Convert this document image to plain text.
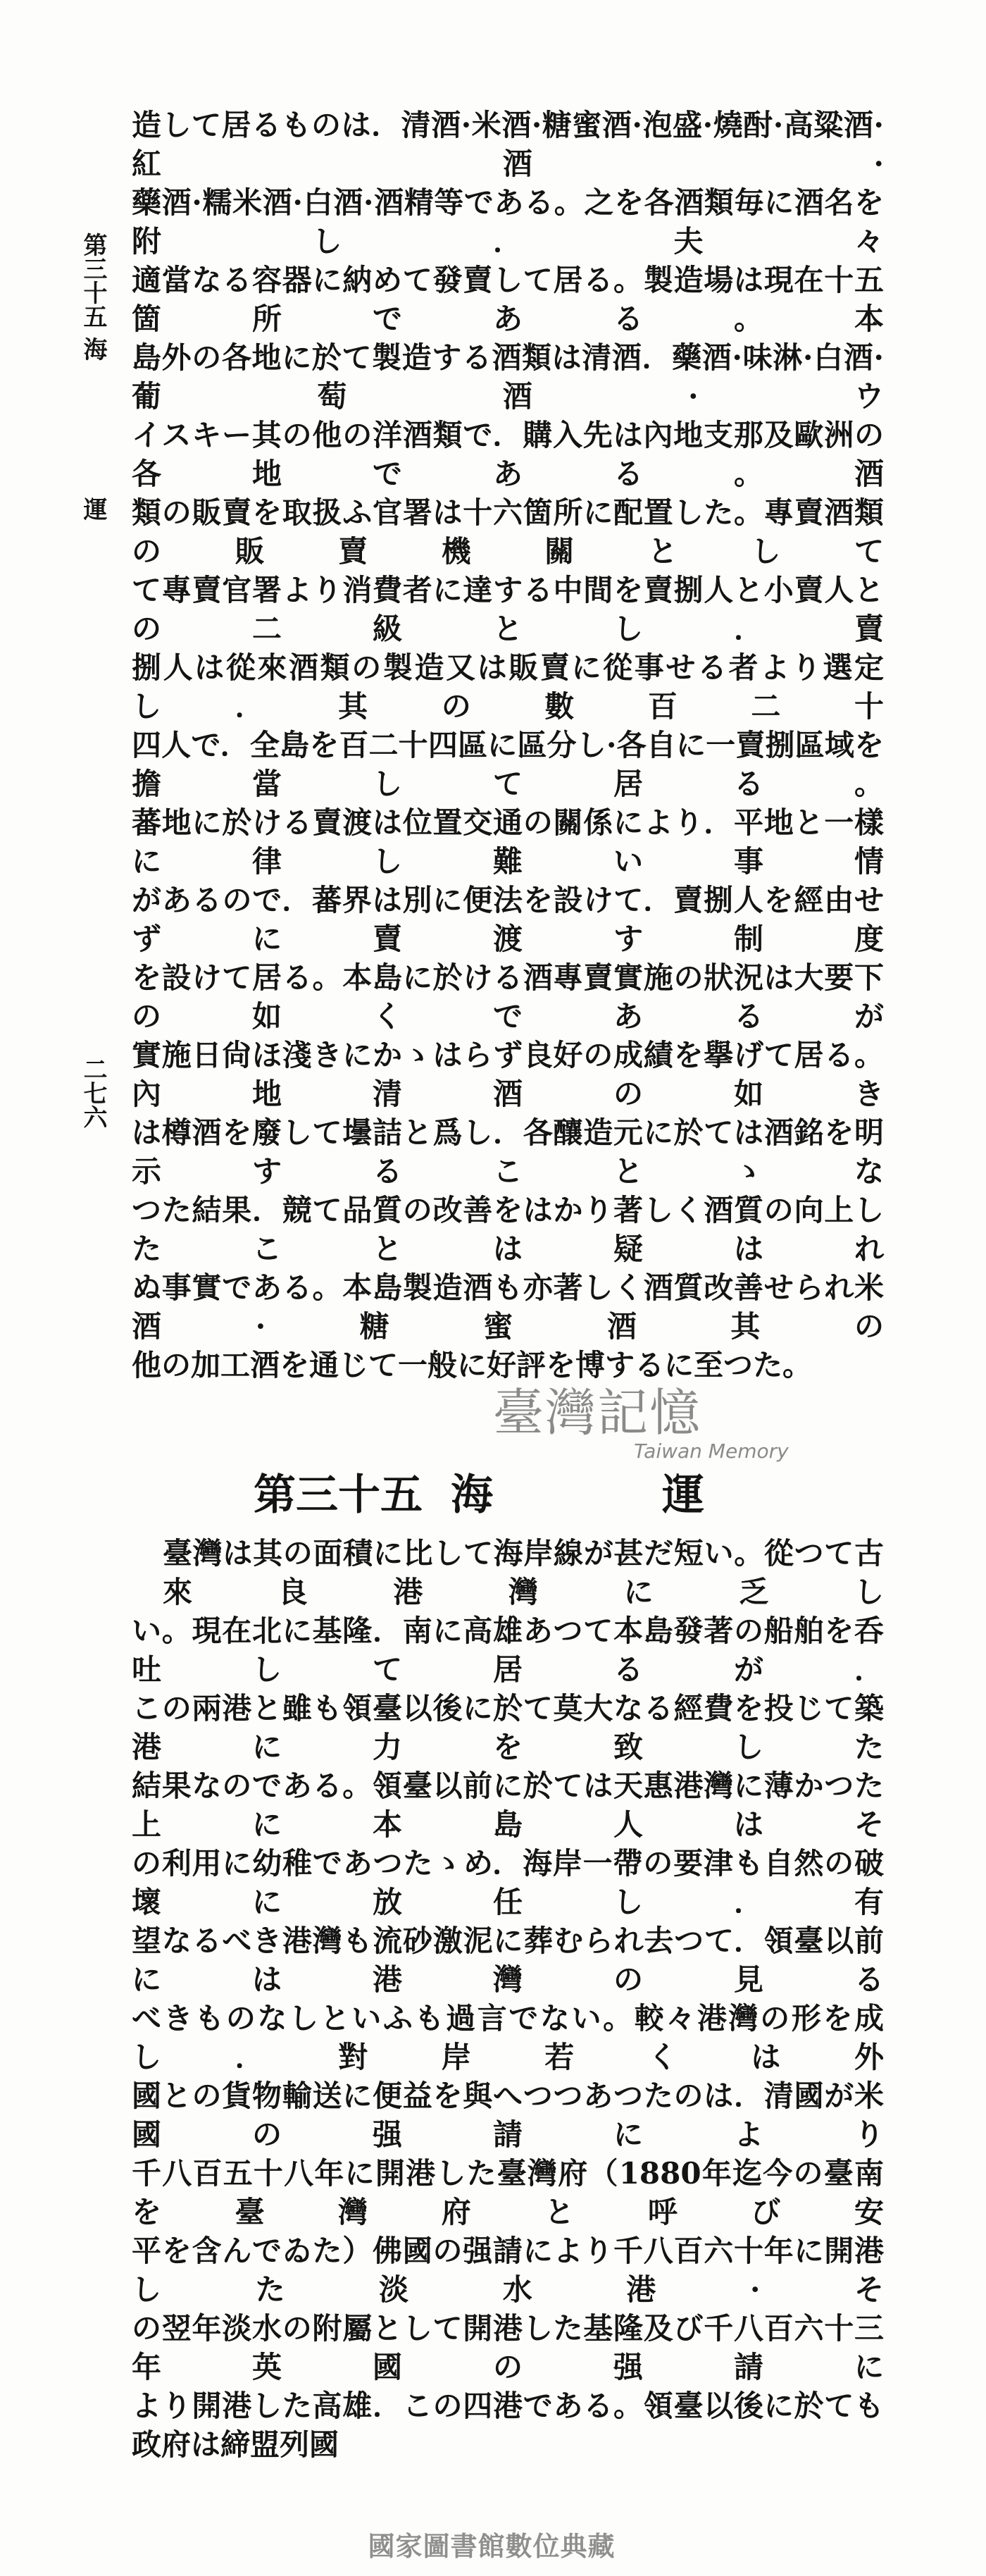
第三十五 海
運
二七六
造して居るものは．清酒·米酒·糖蜜酒·泡盛·燒酎·高粱酒·紅酒·
藥酒·糯米酒·白酒·酒精等である。之を各酒類毎に酒名を附し．夫々
適當なる容器に納めて發賣して居る。製造場は現在十五箇所である。本
島外の各地に於て製造する酒類は清酒．藥酒·味淋·白酒·葡萄酒·ウ
イスキー其の他の洋酒類で．購入先は內地支那及歐洲の各地である。酒
類の販賣を取扱ふ官署は十六箇所に配置した。專賣酒類の販賣機關として
て專賣官署より消費者に達する中間を賣捌人と小賣人との二級とし．賣
捌人は從來酒類の製造又は販賣に從事せる者より選定し．其の數百二十
四人で．全島を百二十四區に區分し·各自に一賣捌區域を擔當して居る。
蕃地に於ける賣渡は位置交通の關係により．平地と一樣に律し難い事情
があるので．蕃界は別に便法を設けて．賣捌人を經由せずに賣渡す制度
を設けて居る。本島に於ける酒專賣實施の狀況は大要下の如くであるが
實施日尙ほ淺きにかゝはらず良好の成績を擧げて居る。內地清酒の如き
は樽酒を廢して壜詰と爲し．各釀造元に於ては酒銘を明示することゝな
つた結果．競て品質の改善をはかり著しく酒質の向上したことは疑はれ
ぬ事實である。本島製造酒も亦著しく酒質改善せられ米酒·糖蜜酒其の
他の加工酒を通じて一般に好評を博するに至つた。
臺灣記憶
Taiwan Memory
第三十五 海	運
臺灣は其の面積に比して海岸線が甚だ短い。從つて古來良港灣に乏し
い。現在北に基隆．南に高雄あつて本島發著の船舶を呑吐して居るが．
この兩港と雖も領臺以後に於て莫大なる經費を投じて築港に力を致した
結果なのである。領臺以前に於ては天惠港灣に薄かつた上に本島人はそ
の利用に幼稚であつたゝめ．海岸一帶の要津も自然の破壞に放任し．有
望なるべき港灣も流砂激泥に葬むられ去つて．領臺以前には港灣の見る
べきものなしといふも過言でない。較々港灣の形を成し．對岸若くは外
國との貨物輸送に便益を與へつつあつたのは．清國が米國の强請により
千八百五十八年に開港した臺灣府（1880年迄今の臺南を臺灣府と呼び安
平を含んでゐた）佛國の强請により千八百六十年に開港した淡水港·そ
の翌年淡水の附屬として開港した基隆及び千八百六十三年英國の强請に
より開港した高雄．この四港である。領臺以後に於ても政府は締盟列國
國家圖書館數位典藏
